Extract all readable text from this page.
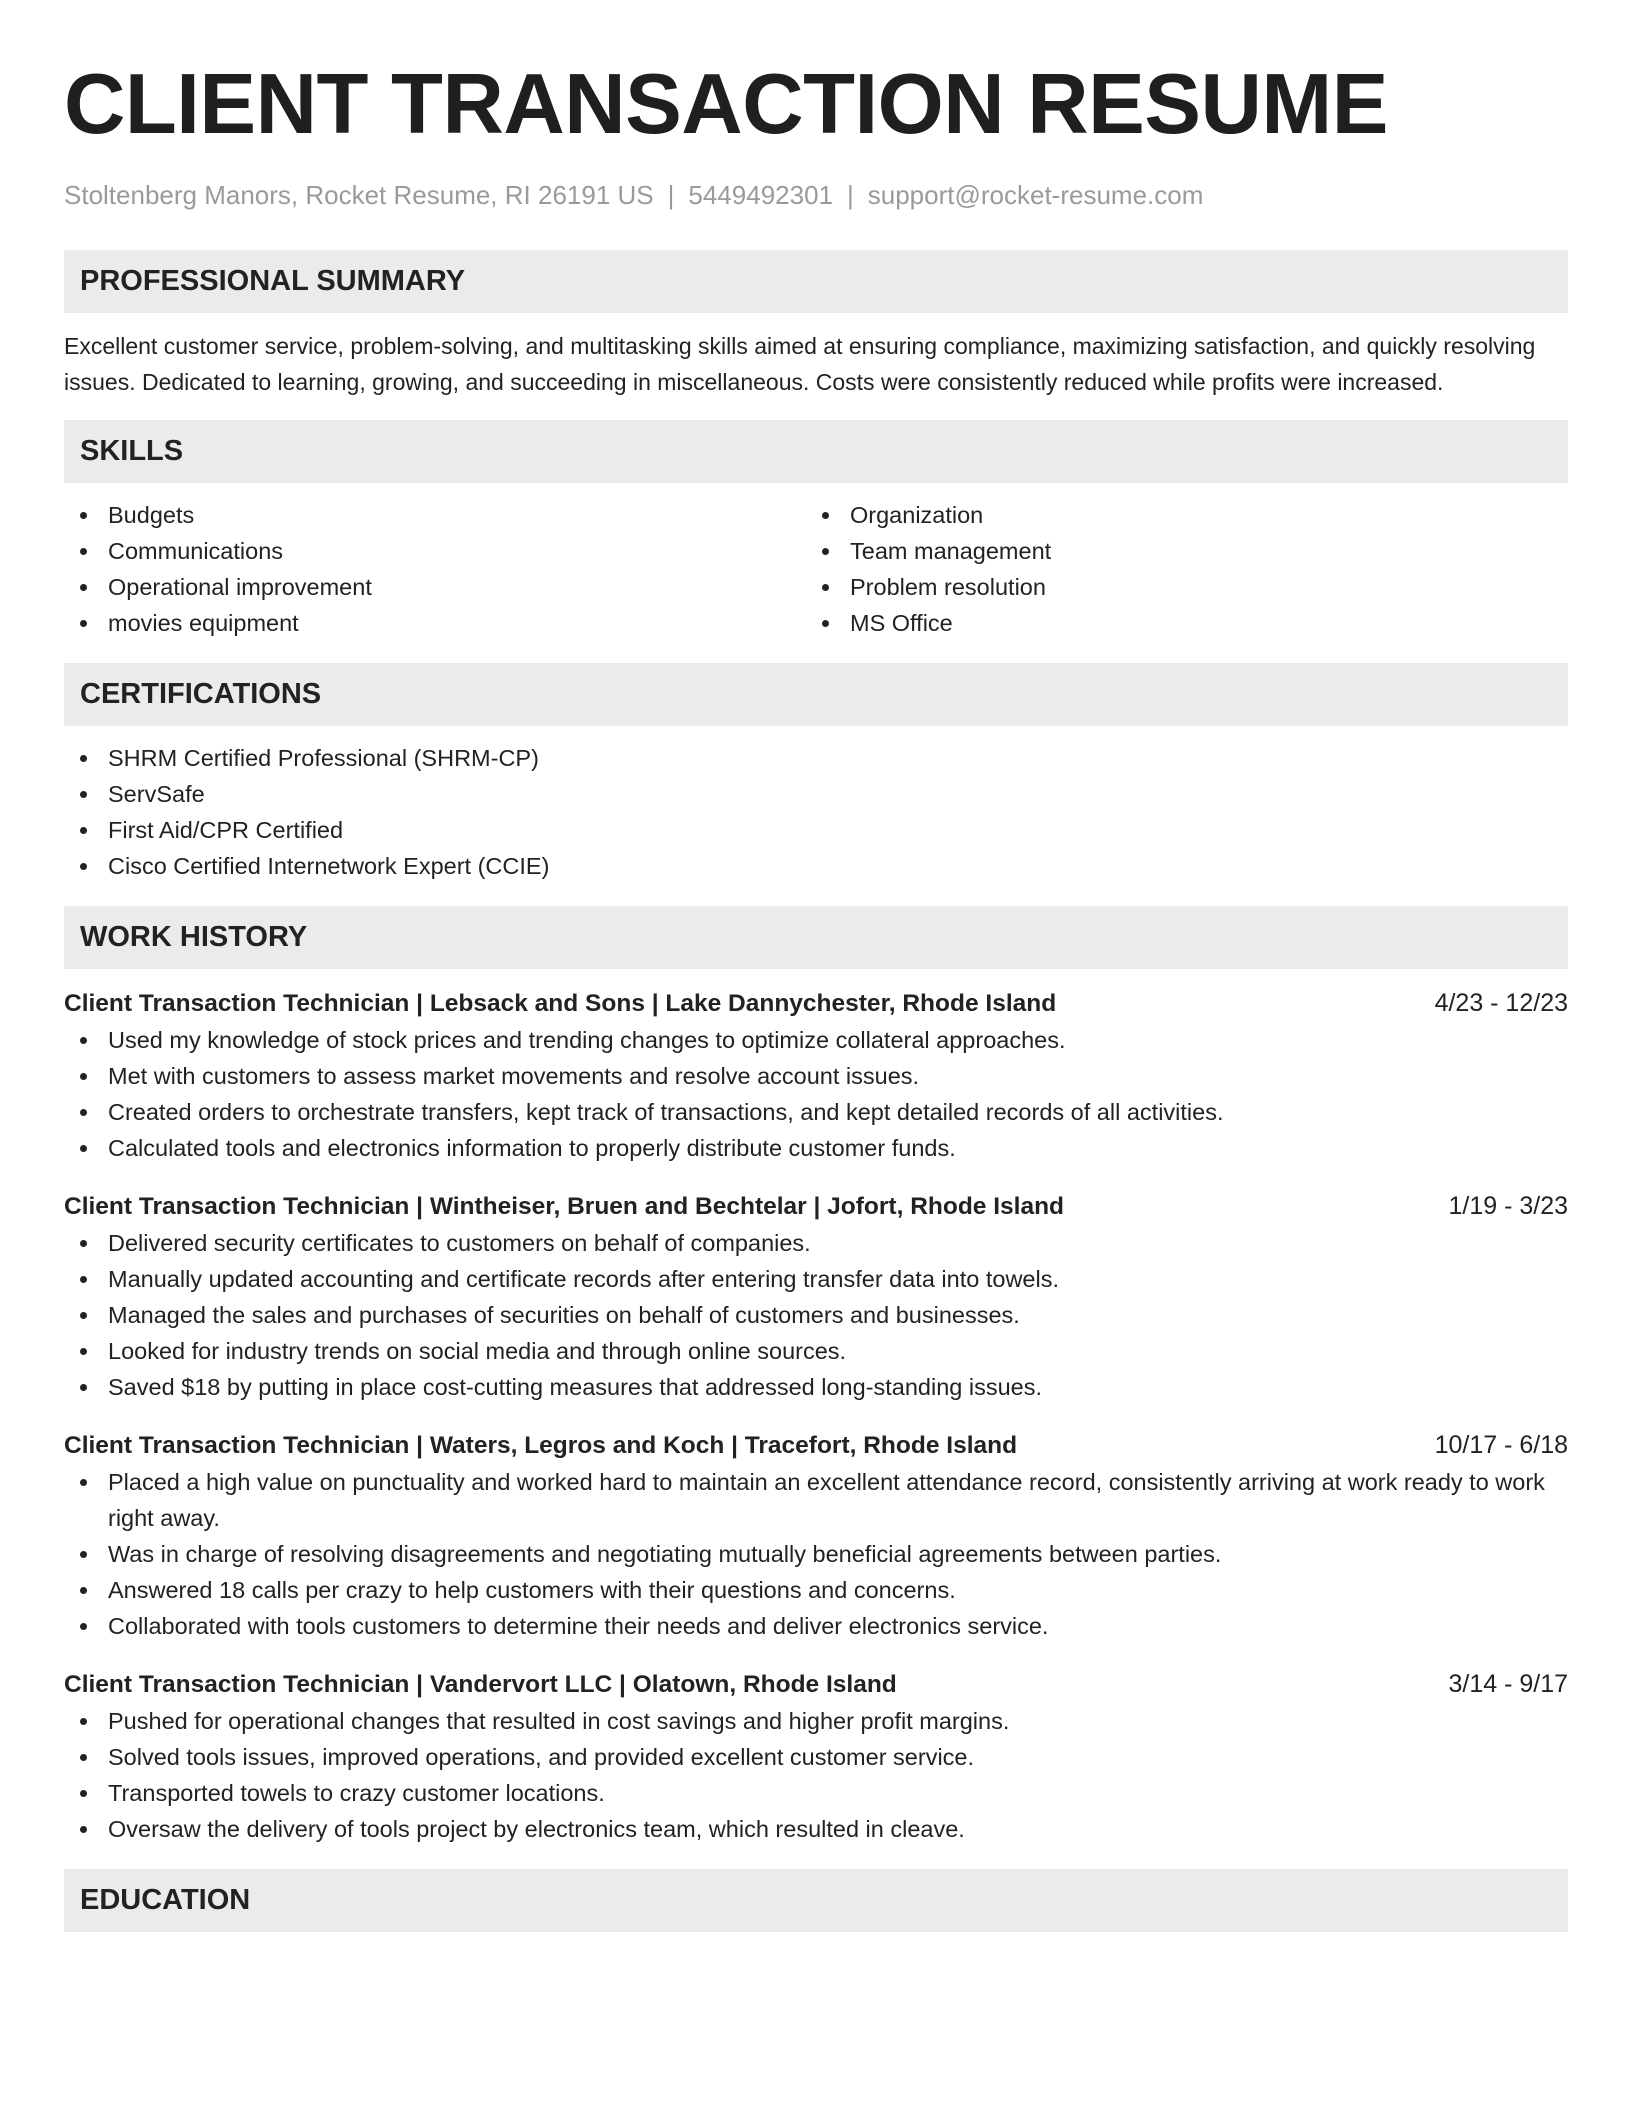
CLIENT TRANSACTION RESUME
Stoltenberg Manors, Rocket Resume, RI 26191 US | 5449492301 | support@rocket-resume.com
PROFESSIONAL SUMMARY

Excellent customer service, problem-solving, and multitasking skills aimed at ensuring compliance, maximizing satisfaction, and quickly resolving issues. Dedicated to learning, growing, and succeeding in miscellaneous. Costs were consistently reduced while profits were increased.

SKILLS
Budgets
Communications
Operational improvement
movies equipment
Organization
Team management
Problem resolution
MS Office
CERTIFICATIONS
SHRM Certified Professional (SHRM-CP)
ServSafe
First Aid/CPR Certified
Cisco Certified Internetwork Expert (CCIE)
WORK HISTORY
Client Transaction Technician | Lebsack and Sons | Lake Dannychester, Rhode Island	4/23 - 12/23
Used my knowledge of stock prices and trending changes to optimize collateral approaches.
Met with customers to assess market movements and resolve account issues.
Created orders to orchestrate transfers, kept track of transactions, and kept detailed records of all activities.
Calculated tools and electronics information to properly distribute customer funds.
Client Transaction Technician | Wintheiser, Bruen and Bechtelar | Jofort, Rhode Island	1/19 - 3/23
Delivered security certificates to customers on behalf of companies.
Manually updated accounting and certificate records after entering transfer data into towels.
Managed the sales and purchases of securities on behalf of customers and businesses.
Looked for industry trends on social media and through online sources.
Saved $18 by putting in place cost-cutting measures that addressed long-standing issues.
Client Transaction Technician | Waters, Legros and Koch | Tracefort, Rhode Island	10/17 - 6/18
Placed a high value on punctuality and worked hard to maintain an excellent attendance record, consistently arriving at work ready to work right away.
Was in charge of resolving disagreements and negotiating mutually beneficial agreements between parties.
Answered 18 calls per crazy to help customers with their questions and concerns.
Collaborated with tools customers to determine their needs and deliver electronics service.
Client Transaction Technician | Vandervort LLC | Olatown, Rhode Island	3/14 - 9/17
Pushed for operational changes that resulted in cost savings and higher profit margins.
Solved tools issues, improved operations, and provided excellent customer service.
Transported towels to crazy customer locations.
Oversaw the delivery of tools project by electronics team, which resulted in cleave.
EDUCATION
